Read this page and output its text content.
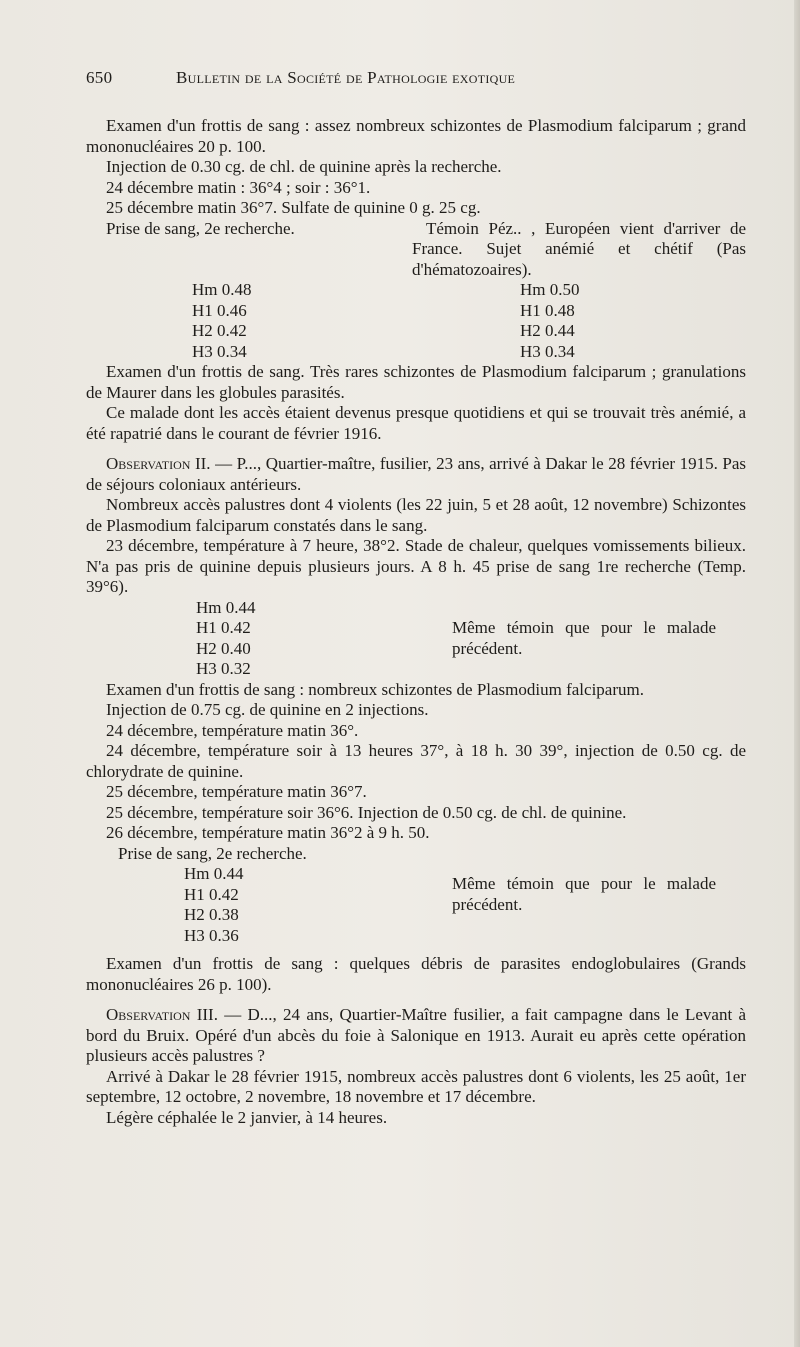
650	Bulletin de la Société de Pathologie exotique

Examen d'un frottis de sang : assez nombreux schizontes de Plasmodium falciparum ; grand mononucléaires 20 p. 100.

Injection de 0.30 cg. de chl. de quinine après la recherche.

24 décembre matin : 36°4 ; soir : 36°1.

25 décembre matin 36°7. Sulfate de quinine 0 g. 25 cg.

Prise de sang, 2e recherche.

Hm 0.48
H1 0.46
H2 0.42
H3 0.34

Témoin Péz.. , Européen vient d'arriver de France. Sujet anémié et chétif (Pas d'hématozoaires).

Hm 0.50
H1 0.48
H2 0.44
H3 0.34

Examen d'un frottis de sang. Très rares schizontes de Plasmodium falciparum ; granulations de Maurer dans les globules parasités.

Ce malade dont les accès étaient devenus presque quotidiens et qui se trouvait très anémié, a été rapatrié dans le courant de février 1916.

Observation II. — P..., Quartier-maître, fusilier, 23 ans, arrivé à Dakar le 28 février 1915. Pas de séjours coloniaux antérieurs.

Nombreux accès palustres dont 4 violents (les 22 juin, 5 et 28 août, 12 novembre) Schizontes de Plasmodium falciparum constatés dans le sang.

23 décembre, température à 7 heure, 38°2. Stade de chaleur, quelques vomissements bilieux. N'a pas pris de quinine depuis plusieurs jours. A 8 h. 45 prise de sang 1re recherche (Temp. 39°6).

Hm 0.44
H1 0.42
H2 0.40
H3 0.32

Même témoin que pour le malade précédent.

Examen d'un frottis de sang : nombreux schizontes de Plasmodium falciparum.

Injection de 0.75 cg. de quinine en 2 injections.

24 décembre, température matin 36°.

24 décembre, température soir à 13 heures 37°, à 18 h. 30 39°, injection de 0.50 cg. de chlorydrate de quinine.

25 décembre, température matin 36°7.

25 décembre, température soir 36°6. Injection de 0.50 cg. de chl. de quinine.

26 décembre, température matin 36°2 à 9 h. 50.

Prise de sang, 2e recherche.

Hm 0.44
H1 0.42
H2 0.38
H3 0.36

Même témoin que pour le malade précédent.

Examen d'un frottis de sang : quelques débris de parasites endoglobulaires (Grands mononucléaires 26 p. 100).

Observation III. — D..., 24 ans, Quartier-Maître fusilier, a fait campagne dans le Levant à bord du Bruix. Opéré d'un abcès du foie à Salonique en 1913. Aurait eu après cette opération plusieurs accès palustres ?

Arrivé à Dakar le 28 février 1915, nombreux accès palustres dont 6 violents, les 25 août, 1er septembre, 12 octobre, 2 novembre, 18 novembre et 17 décembre.

Légère céphalée le 2 janvier, à 14 heures.
